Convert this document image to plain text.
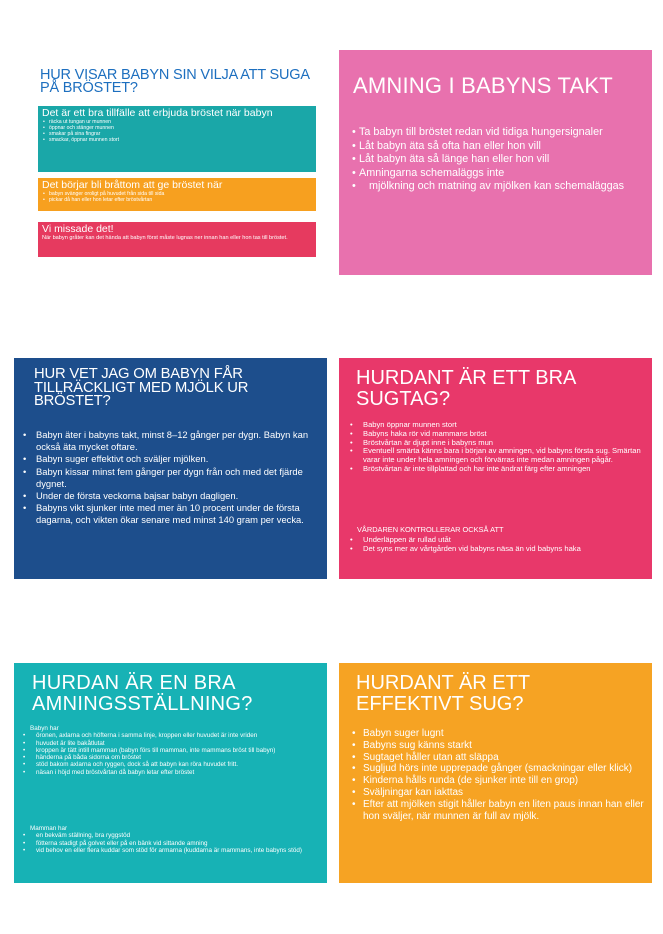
HUR VISAR BABYN SIN VILJA ATT SUGA PÅ BRÖSTET?
Det är ett bra tillfälle att erbjuda bröstet när babyn
• räcka ut tungan ur munnen
• öppnar och stänger munnen
• smakar på sina fingrar
• smackar, öppnar munnen stort
Det börjar bli bråttom att ge bröstet när
• babyn svänger oroligt på huvudet från sida till sida
• pickar då han eller hon letar efter bröstvårtan
Vi missade det!
När babyn gråter kan det hända att babyn först måste lugnas ner innan han eller hon tas till bröstet.
AMNING I BABYNS TAKT
• Ta babyn till bröstet redan vid tidiga hungersignaler
• Låt babyn äta så ofta han eller hon vill
• Låt babyn äta så länge han eller hon vill
• Amningarna schemaläggs inte
• mjölkning och matning av mjölken kan schemaläggas
HUR VET JAG OM BABYN FÅR TILLRÄCKLIGT MED MJÖLK UR BRÖSTET?
• Babyn äter i babyns takt, minst 8–12 gånger per dygn. Babyn kan också äta mycket oftare.
• Babyn suger effektivt och sväljer mjölken.
• Babyn kissar minst fem gånger per dygn från och med det fjärde dygnet.
• Under de första veckorna bajsar babyn dagligen.
• Babyns vikt sjunker inte med mer än 10 procent under de första dagarna, och vikten ökar senare med minst 140 gram per vecka.
HURDANT ÄR ETT BRA SUGTAG?
• Babyn öppnar munnen stort
• Babyns haka rör vid mammans bröst
• Bröstvårtan är djupt inne i babyns mun
• Eventuell smärta känns bara i början av amningen, vid babyns första sug. Smärtan varar inte under hela amningen och förvärras inte medan amningen pågår.
• Bröstvårtan är inte tillplattad och har inte ändrat färg efter amningen
VÅRDAREN KONTROLLERAR OCKSÅ ATT
• Underläppen är rullad utåt
• Det syns mer av vårtgården vid babyns näsa än vid babyns haka
HURDAN ÄR EN BRA AMNINGSSTÄLLNING?
Babyn har
• öronen, axlarna och höfterna i samma linje, kroppen eller huvudet är inte vriden
• huvudet är lite bakåtlutat
• kroppen är tätt intill mamman (babyn förs till mamman, inte mammans bröst till babyn)
• händerna på båda sidorna om bröstet
• stöd bakom axlarna och ryggen, dock så att babyn kan röra huvudet fritt.
• näsan i höjd med bröstvårtan då babyn letar efter bröstet
Mamman har
• en bekväm ställning, bra ryggstöd
• fötterna stadigt på golvet eller på en bänk vid sittande amning
• vid behov en eller flera kuddar som stöd för armarna (kuddarna är mammans, inte babyns stöd)
HURDANT ÄR ETT EFFEKTIVT SUG?
• Babyn suger lugnt
• Babyns sug känns starkt
• Sugtaget håller utan att släppa
• Sugljud hörs inte upprepade gånger (smackningar eller klick)
• Kinderna hålls runda (de sjunker inte till en grop)
• Sväljningar kan iakttas
• Efter att mjölken stigit håller babyn en liten paus innan han eller hon sväljer, när munnen är full av mjölk.
